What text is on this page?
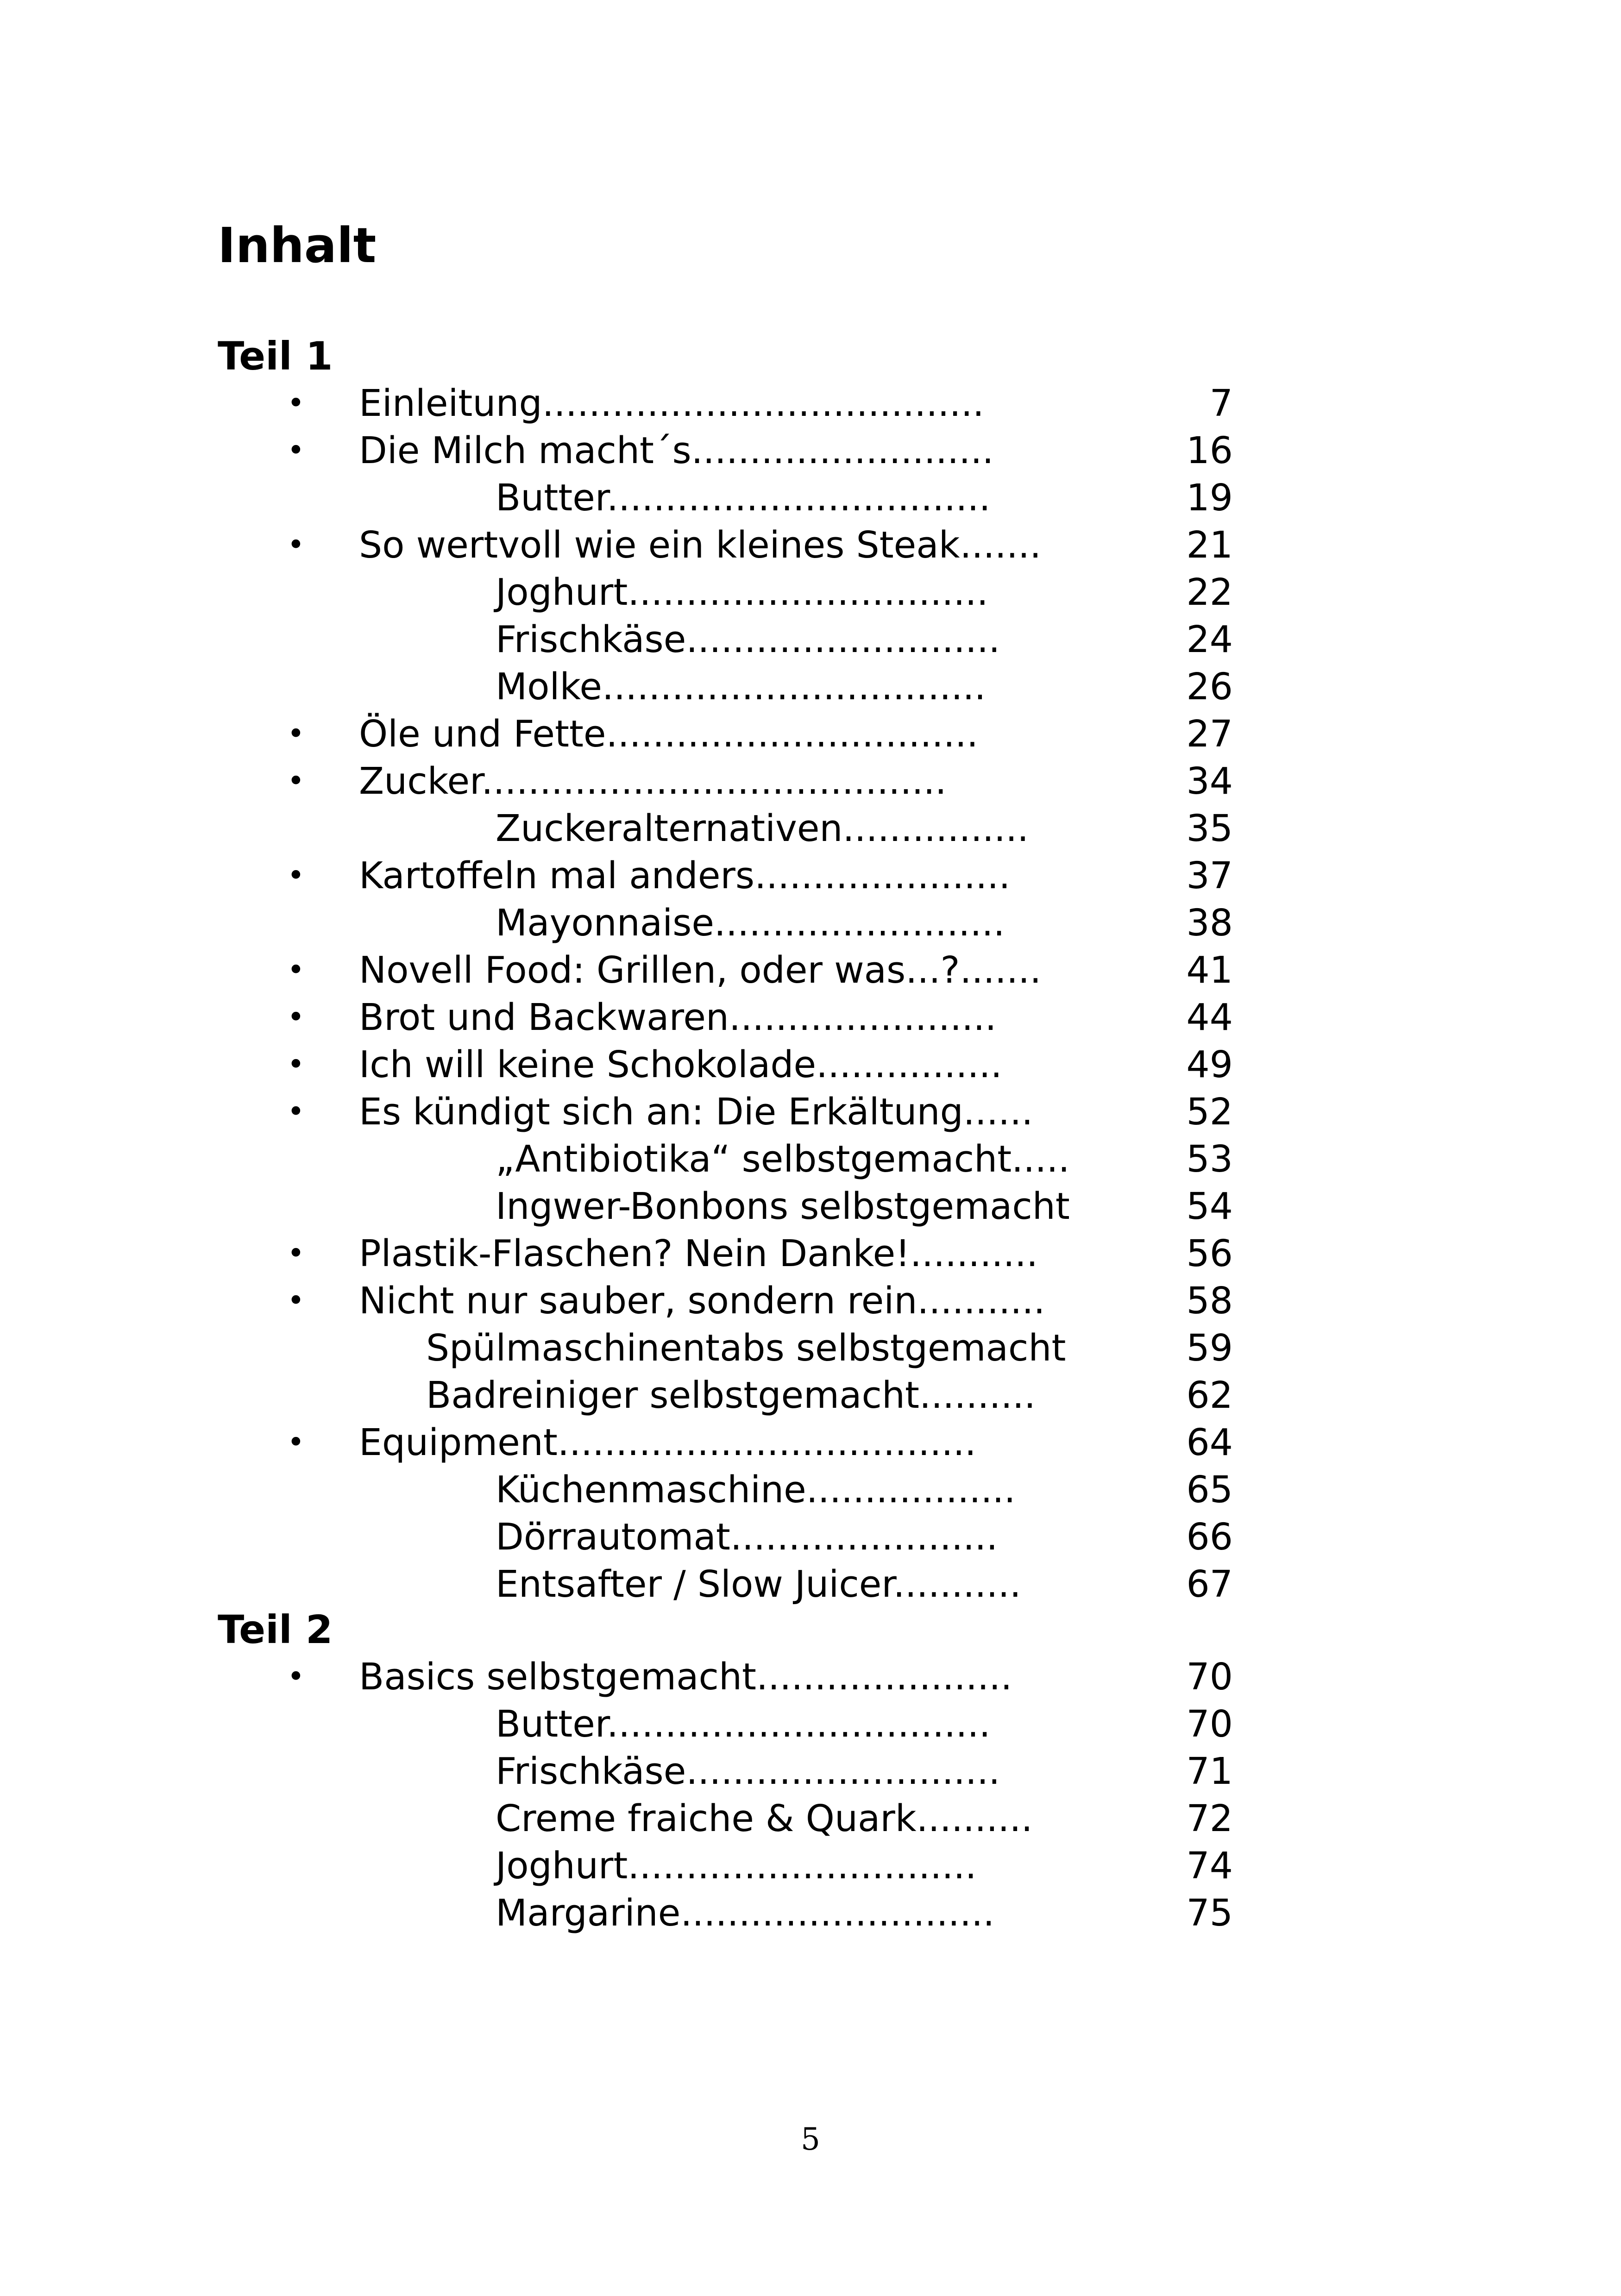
Inhalt
Teil 1
• Einleitung......................................	7
• Die Milch macht´s..........................	16
Butter.................................	19
• So wertvoll wie ein kleines Steak.......	21
Joghurt...............................	22
Frischkäse...........................	24
Molke.................................	26
• Öle und Fette................................	27
• Zucker........................................	34
Zuckeralternativen................	35
• Kartoffeln mal anders......................	37
Mayonnaise.........................	38
• Novell Food: Grillen, oder was...?.......	41
• Brot und Backwaren.......................	44
• Ich will keine Schokolade................	49
• Es kündigt sich an: Die Erkältung......	52
„Antibiotika“ selbstgemacht.....	53
Ingwer-Bonbons selbstgemacht	54
• Plastik-Flaschen? Nein Danke!...........	56
• Nicht nur sauber, sondern rein...........	58
Spülmaschinentabs selbstgemacht	59
Badreiniger selbstgemacht..........	62
• Equipment....................................	64
Küchenmaschine..................	65
Dörrautomat.......................	66
Entsafter / Slow Juicer...........	67
Teil 2
• Basics selbstgemacht......................	70
Butter.................................	70
Frischkäse...........................	71
Creme fraiche & Quark..........	72
Joghurt..............................	74
Margarine...........................	75
5
